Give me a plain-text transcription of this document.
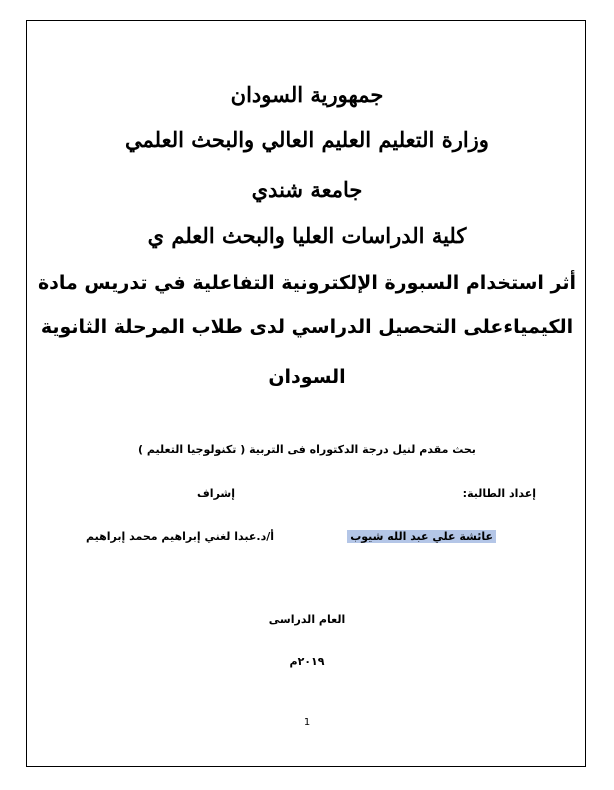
جمهورية السودان
وزارة التعليم العليم العالي والبحث العلمي
جامعة شندي
كلية الدراسات العليا والبحث العلم ي
أثر استخدام السبورة الإلكترونية التفاعلية في تدريس مادة
الكيمياءعلى التحصيل الدراسي لدى طلاب المرحلة الثانوية
السودان
بحث مقدم لنيل درجة الدكتوراه فى التربية ( تكنولوجيا التعليم )
إعداد الطالبة:
إشراف
عائشة علي عبد الله شيوب
أ/د.عبدا لغني إبراهيم محمد إبراهيم
العام الدراسى
٢٠١٩م
1
